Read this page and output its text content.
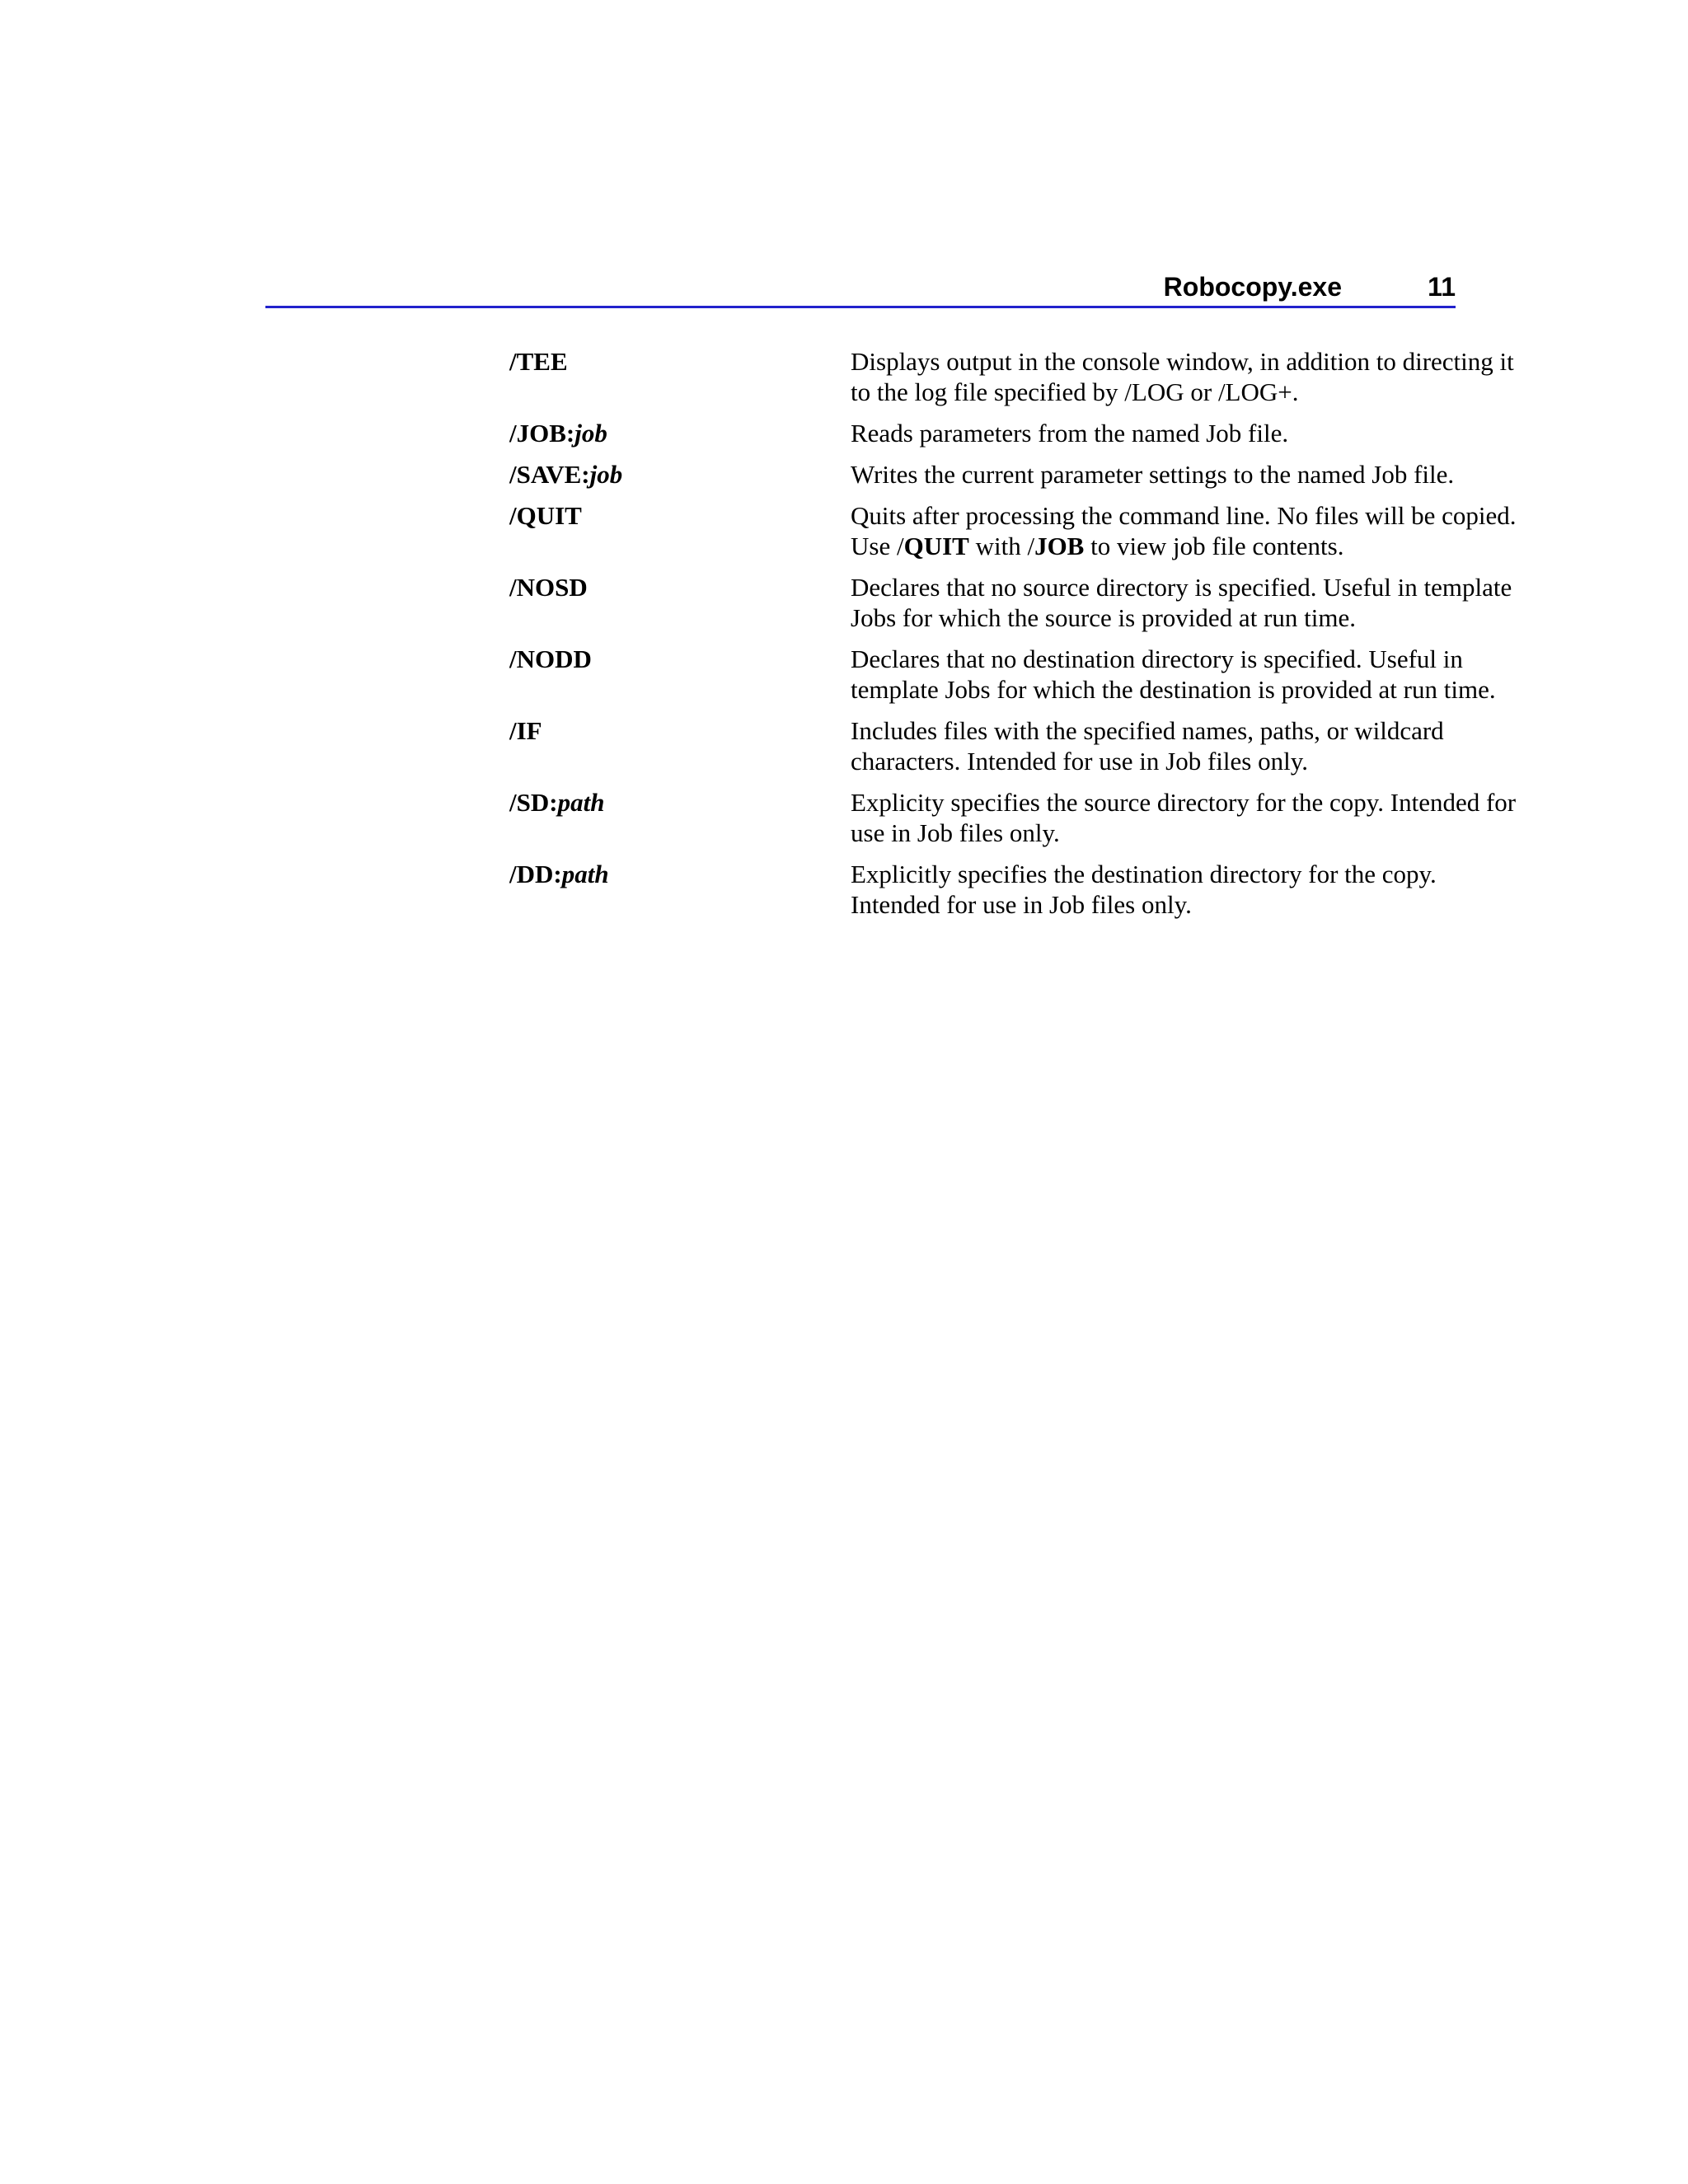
Robocopy.exe	11
/TEE	Displays output in the console window, in addition to directing it to the log file specified by /LOG or /LOG+.
/JOB:job	Reads parameters from the named Job file.
/SAVE:job	Writes the current parameter settings to the named Job file.
/QUIT	Quits after processing the command line. No files will be copied. Use /QUIT with /JOB to view job file contents.
/NOSD	Declares that no source directory is specified. Useful in template Jobs for which the source is provided at run time.
/NODD	Declares that no destination directory is specified. Useful in template Jobs for which the destination is provided at run time.
/IF	Includes files with the specified names, paths, or wildcard characters. Intended for use in Job files only.
/SD:path	Explicity specifies the source directory for the copy. Intended for use in Job files only.
/DD:path	Explicitly specifies the destination directory for the copy. Intended for use in Job files only.
